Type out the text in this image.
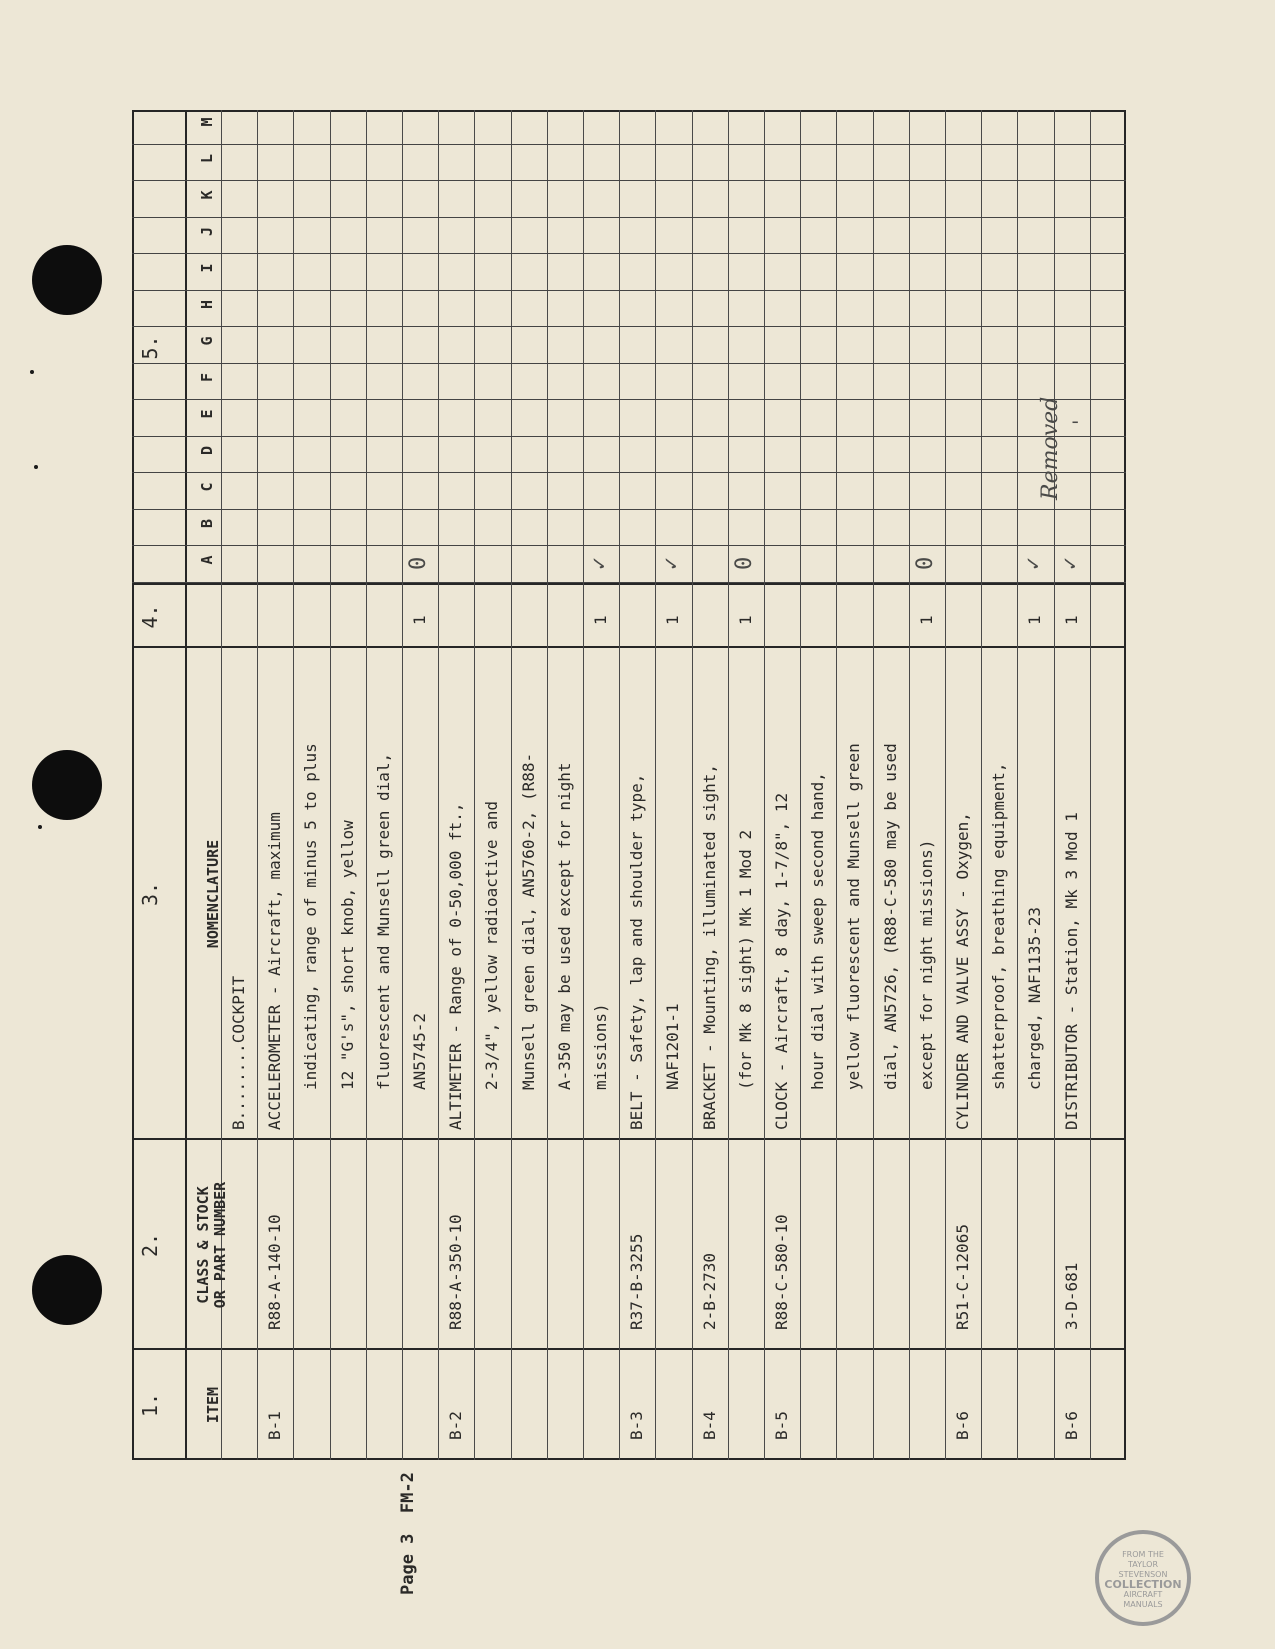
1.
2.
3.
4.
5.
ITEM
CLASS & STOCK OR PART NUMBER
NOMENCLATURE
A
B
C
D
E
F
G
H
I
J
K
L
M
B........COCKPIT
B-1
R88-A-140-10
ACCELEROMETER - Aircraft, maximum indicating, range of minus 5 to plus 12 "G's", short knob, yellow fluorescent and Munsell green dial, AN5745-2
1
0
B-2
R88-A-350-10
ALTIMETER - Range of 0-50,000 ft., 2-3/4", yellow radioactive and Munsell green dial, AN5760-2, (R88- A-350 may be used except for night missions)
1
✓
B-3
R37-B-3255
BELT - Safety, lap and shoulder type, NAF1201-1
1
✓
B-4
2-B-2730
BRACKET - Mounting, illuminated sight, (for Mk 8 sight) Mk 1 Mod 2
1
0
B-5
R88-C-580-10
CLOCK - Aircraft, 8 day, 1-7/8", 12 hour dial with sweep second hand, yellow fluorescent and Munsell green dial, AN5726, (R88-C-580 may be used except for night missions)
1
0
B-6
R51-C-12065
CYLINDER AND VALVE ASSY - Oxygen, shatterproof, breathing equipment, charged, NAF1135-23
1
✓
B-6
3-D-681
DISTRIBUTOR - Station, Mk 3 Mod 1
1
✓
Removed '
Page 3  FM-2	FROM THE
TAYLOR
STEVENSON

COLLECTION
AIRCRAFT
MANUALS
